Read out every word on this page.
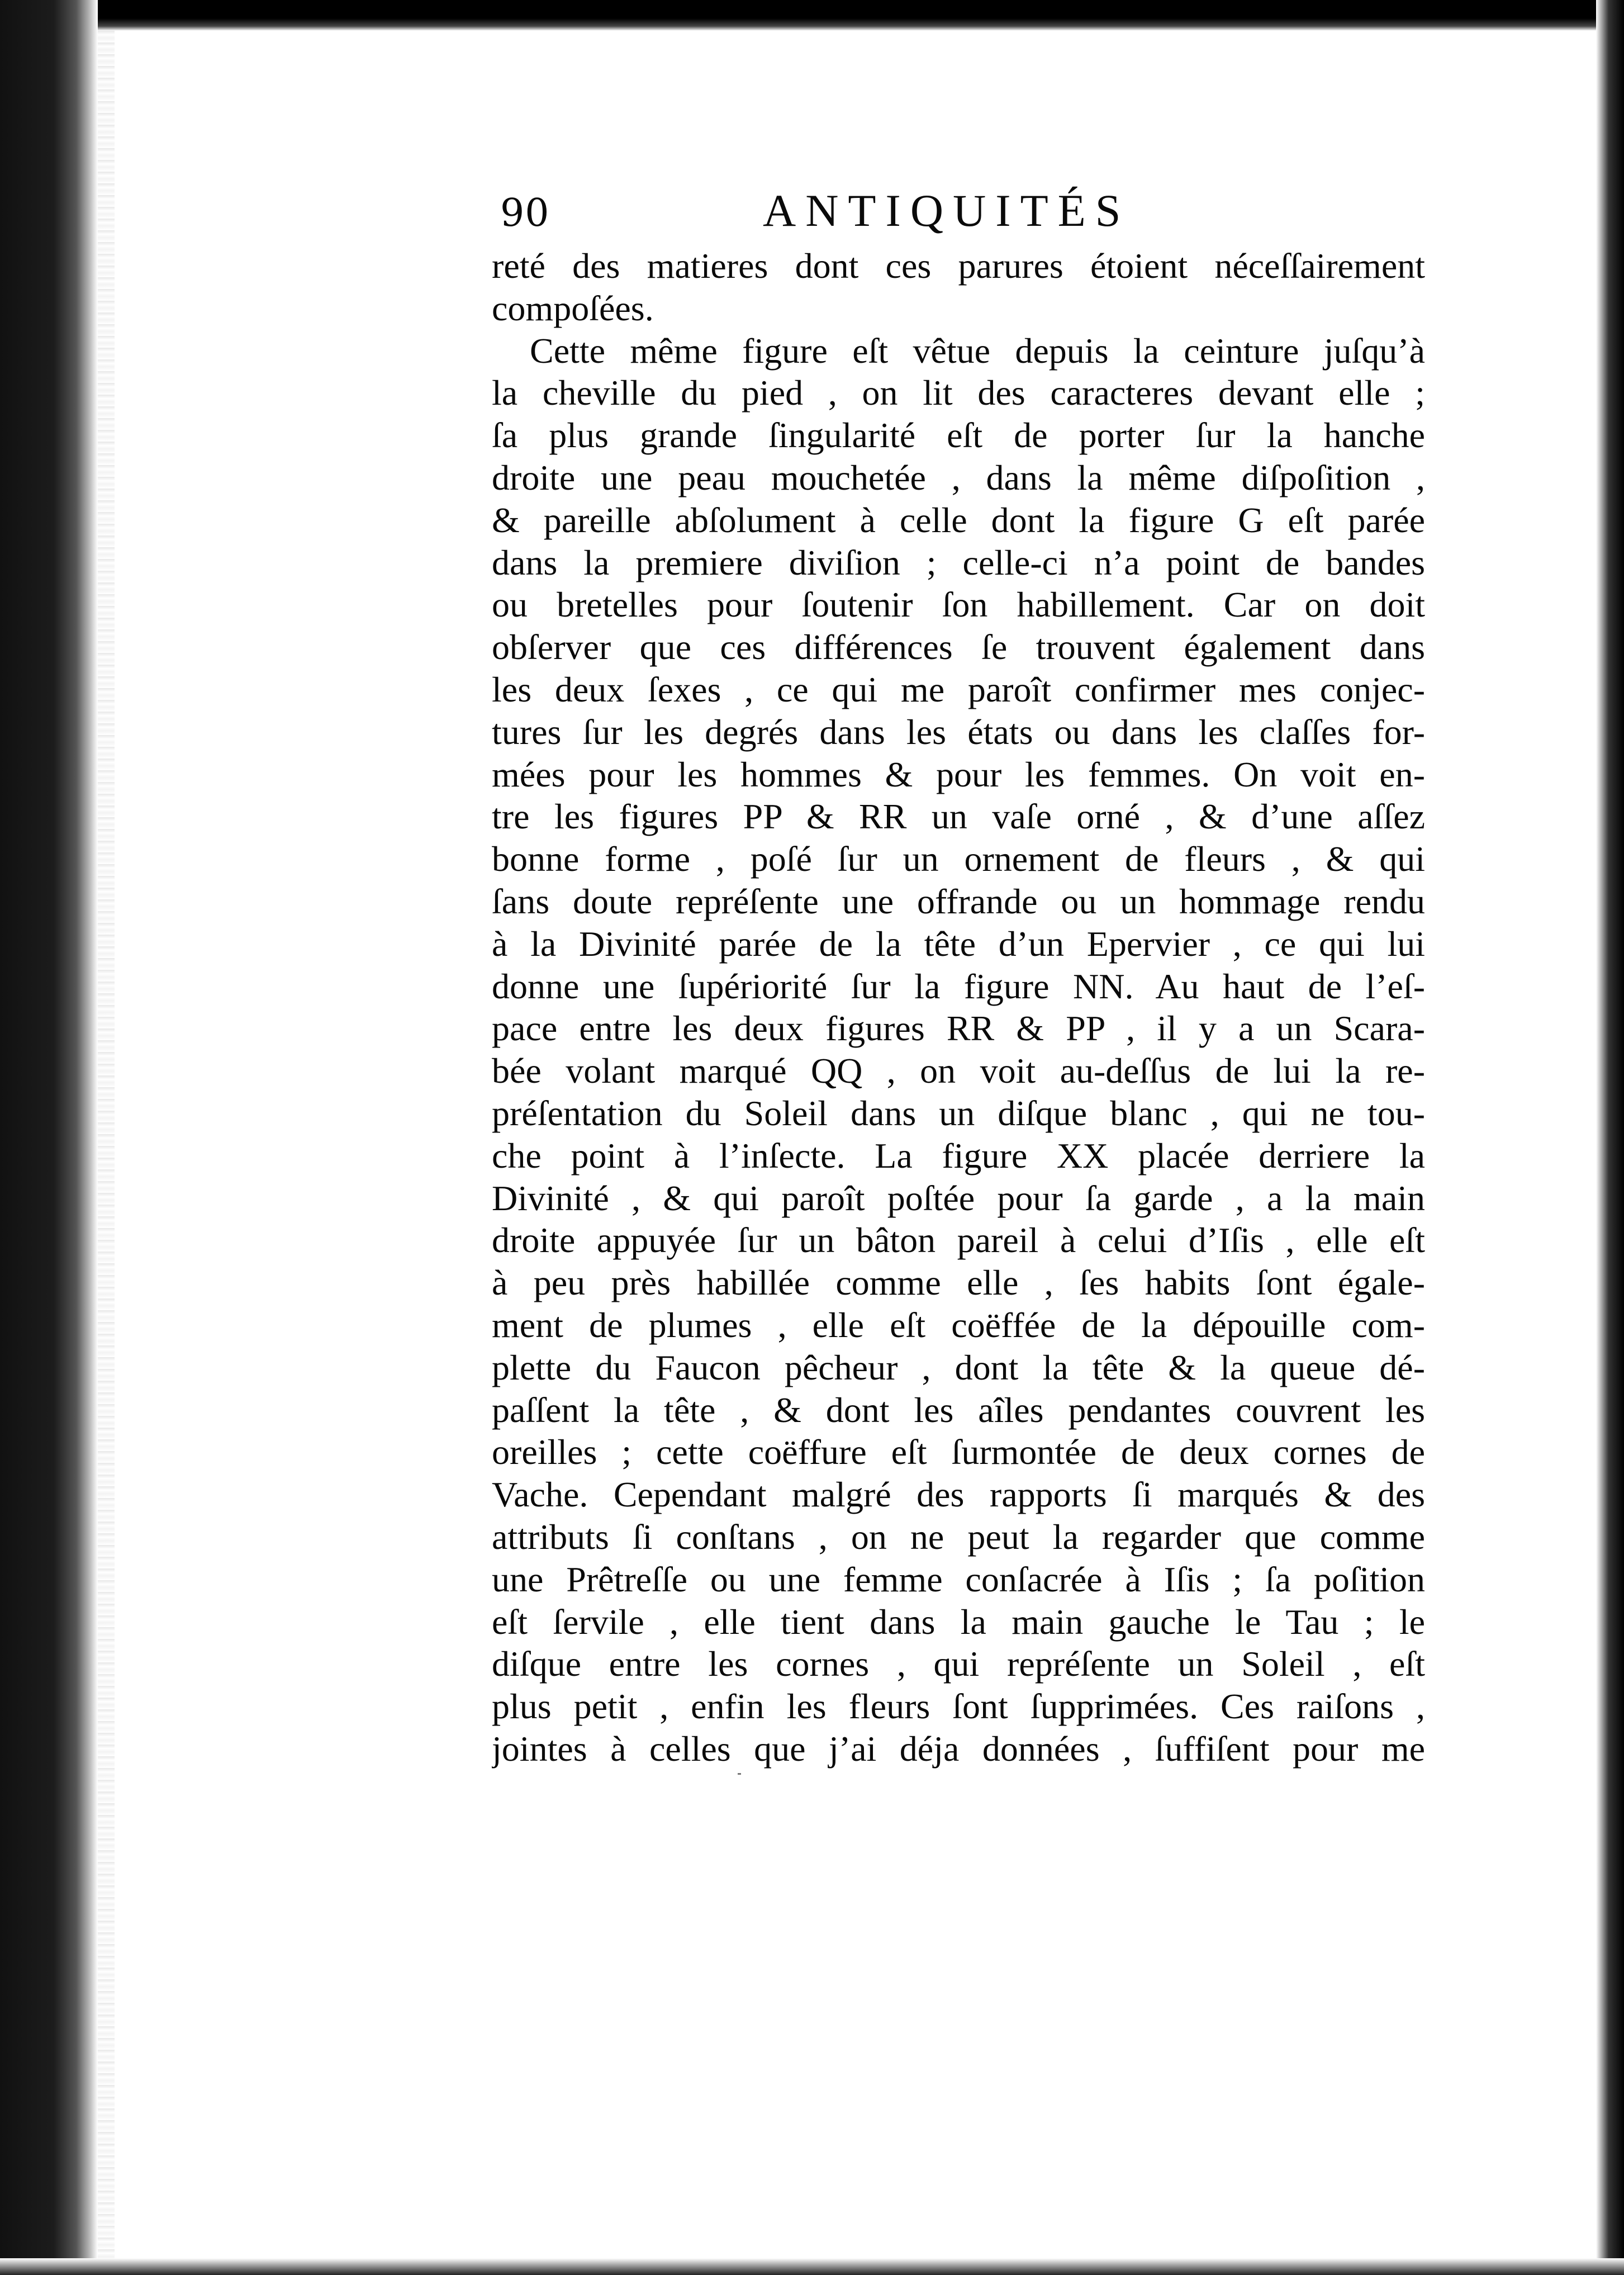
90	ANTIQUITÉS
reté des matieres dont ces parures étoient néceſſairement
compoſées.
Cette même figure eſt vêtue depuis la ceinture juſqu’à
la cheville du pied , on lit des caracteres devant elle ;
ſa plus grande ſingularité eſt de porter ſur la hanche
droite une peau mouchetée , dans la même diſpoſition ,
& pareille abſolument à celle dont la figure G eſt parée
dans la premiere diviſion ; celle-ci n’a point de bandes
ou bretelles pour ſoutenir ſon habillement. Car on doit
obſerver que ces différences ſe trouvent également dans
les deux ſexes , ce qui me paroît confirmer mes conjec-
tures ſur les degrés dans les états ou dans les claſſes for-
mées pour les hommes & pour les femmes. On voit en-
tre les figures PP & RR un vaſe orné , & d’une aſſez
bonne forme , poſé ſur un ornement de fleurs , & qui
ſans doute repréſente une offrande ou un hommage rendu
à la Divinité parée de la tête d’un Epervier , ce qui lui
donne une ſupériorité ſur la figure NN. Au haut de l’eſ-
pace entre les deux figures RR & PP , il y a un Scara-
bée volant marqué QQ , on voit au-deſſus de lui la re-
préſentation du Soleil dans un diſque blanc , qui ne tou-
che point à l’inſecte. La figure XX placée derriere la
Divinité , & qui paroît poſtée pour ſa garde , a la main
droite appuyée ſur un bâton pareil à celui d’Iſis , elle eſt
à peu près habillée comme elle , ſes habits ſont égale-
ment de plumes , elle eſt coëffée de la dépouille com-
plette du Faucon pêcheur , dont la tête & la queue dé-
paſſent la tête , & dont les aîles pendantes couvrent les
oreilles ; cette coëffure eſt ſurmontée de deux cornes de
Vache. Cependant malgré des rapports ſi marqués & des
attributs ſi conſtans , on ne peut la regarder que comme
une Prêtreſſe ou une femme conſacrée à Iſis ; ſa poſition
eſt ſervile , elle tient dans la main gauche le Tau ; le
diſque entre les cornes , qui repréſente un Soleil , eſt
plus petit , enfin les fleurs ſont ſupprimées. Ces raiſons ,
jointes à celles que j’ai déja données , ſuffiſent pour me
